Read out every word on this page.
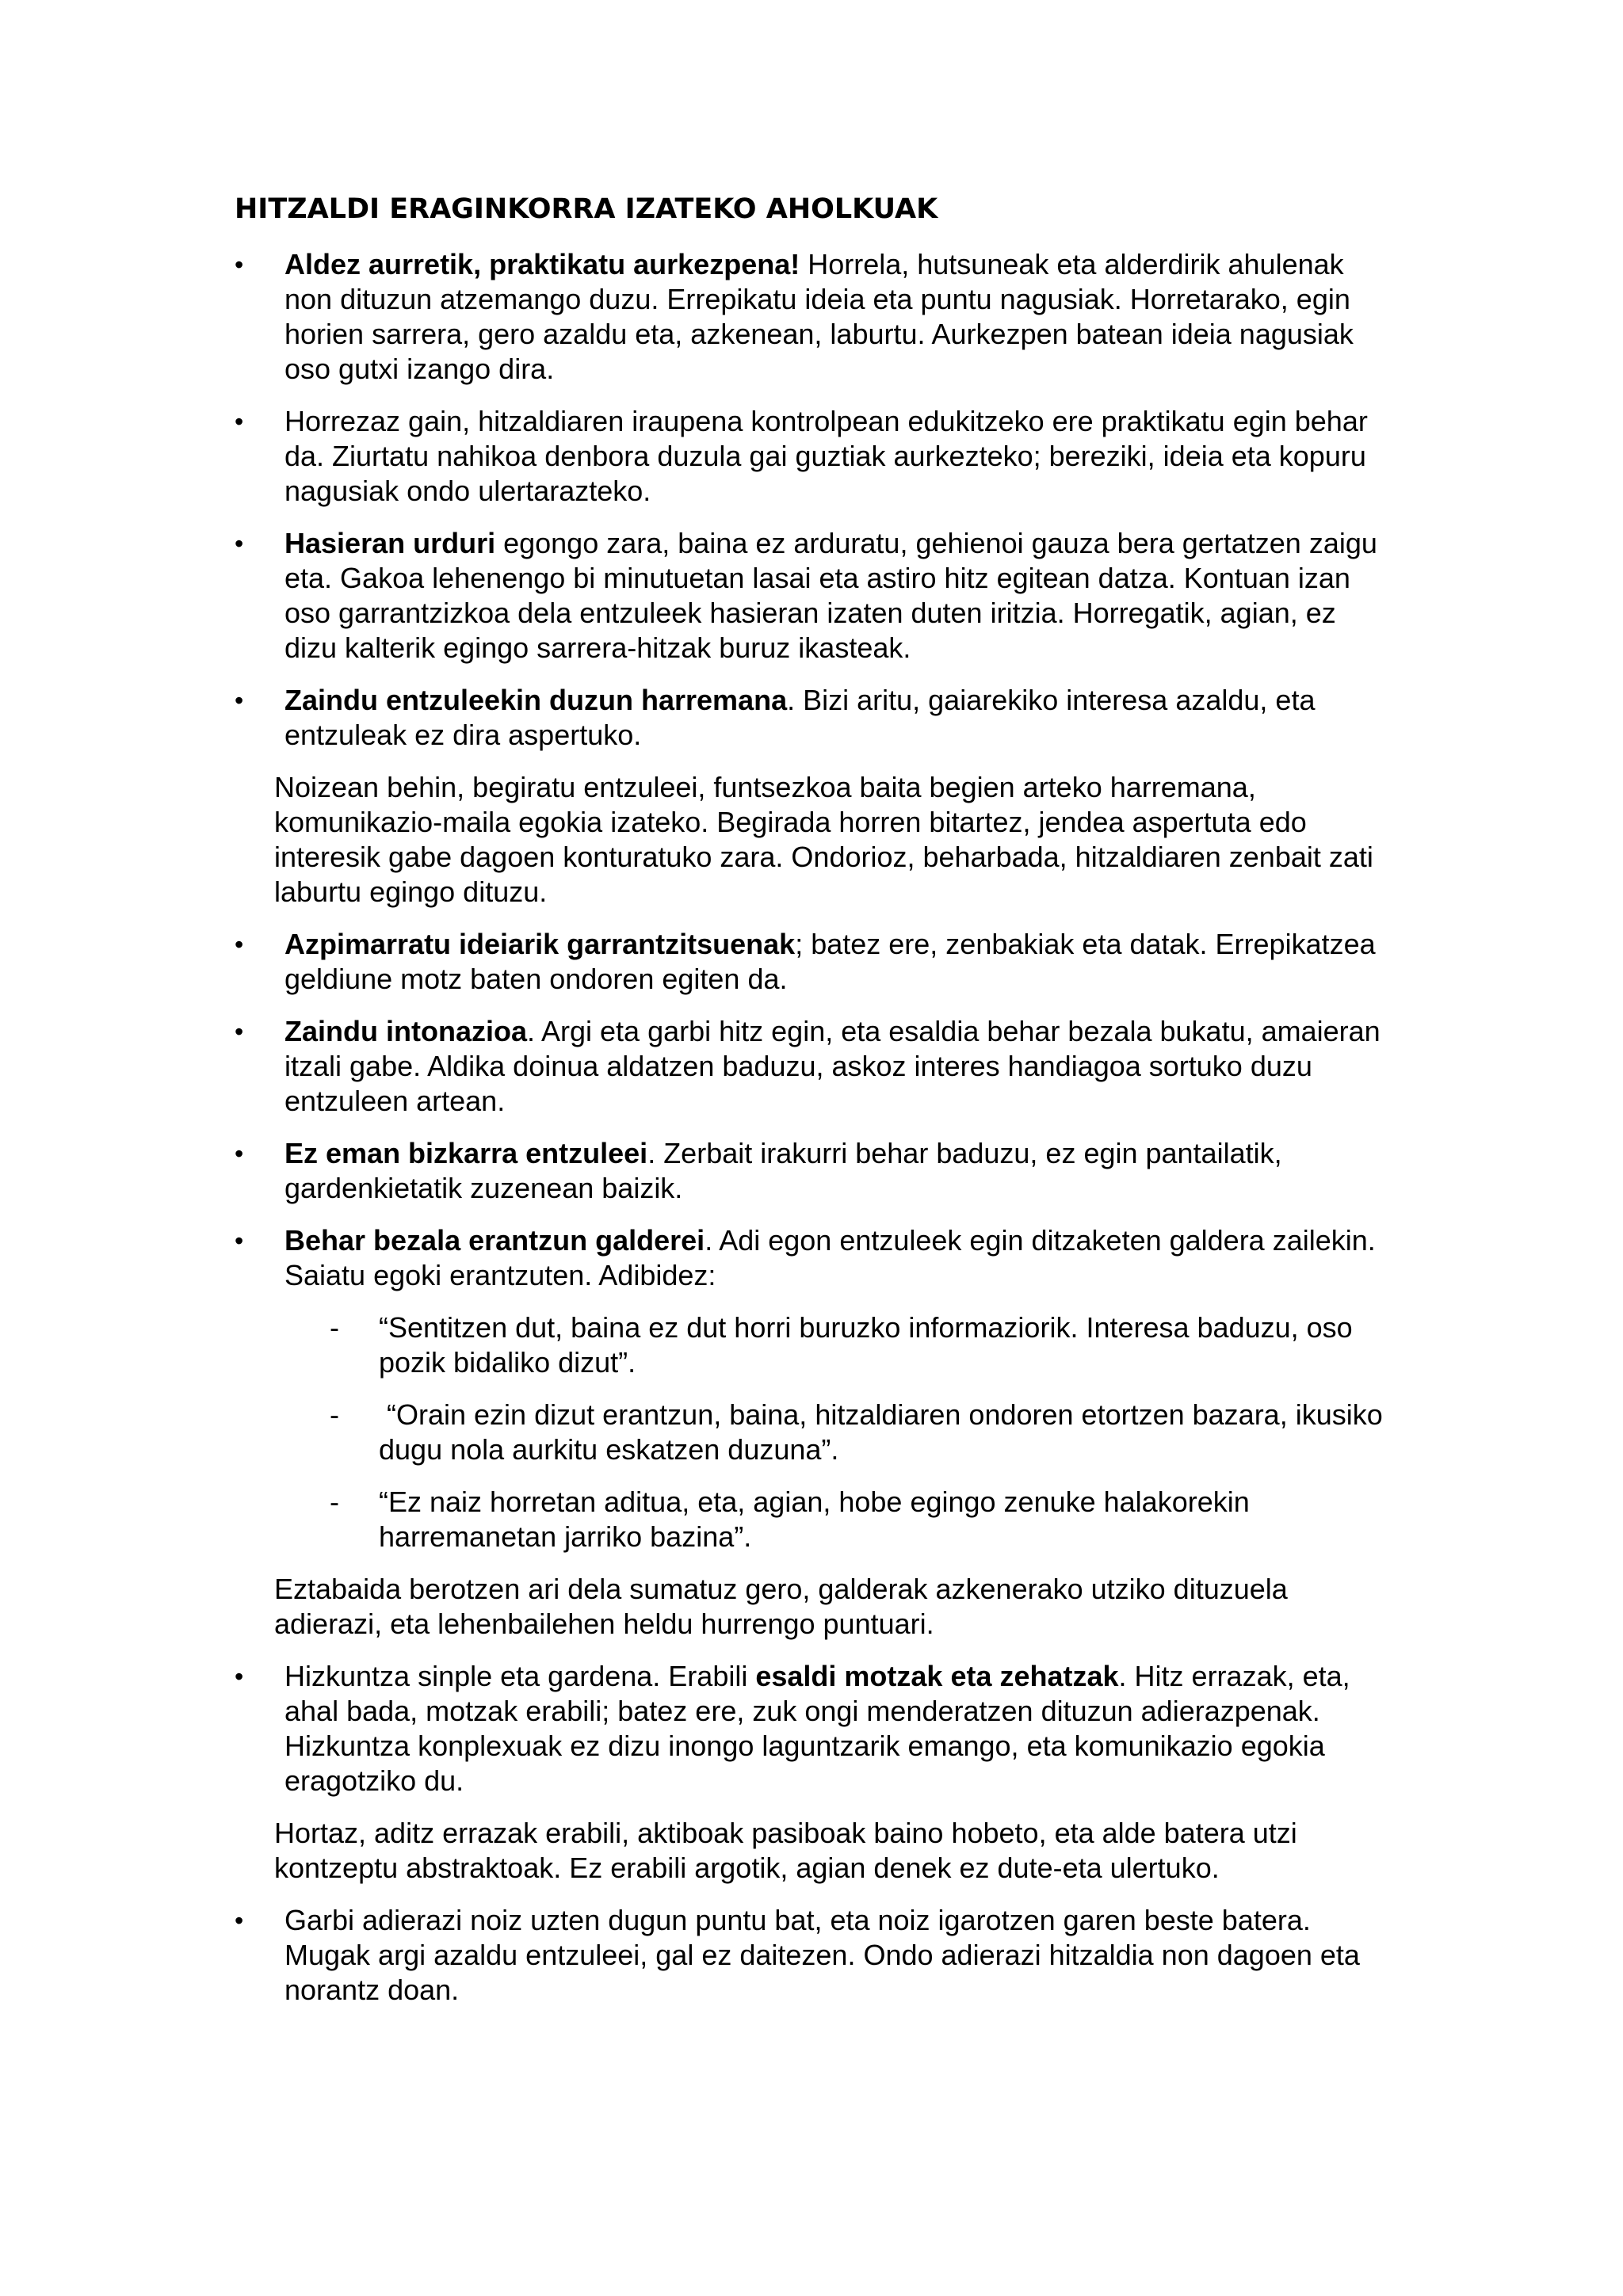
HITZALDI ERAGINKORRA IZATEKO AHOLKUAK
•	Aldez aurretik, praktikatu aurkezpena! Horrela, hutsuneak eta alderdirik ahulenak non dituzun atzemango duzu. Errepikatu ideia eta puntu nagusiak. Horretarako, egin horien sarrera, gero azaldu eta, azkenean, laburtu. Aurkezpen batean ideia nagusiak oso gutxi izango dira.
•	Horrezaz gain, hitzaldiaren iraupena kontrolpean edukitzeko ere praktikatu egin behar da. Ziurtatu nahikoa denbora duzula gai guztiak aurkezteko; bereziki, ideia eta kopuru nagusiak ondo ulertarazteko.
•	Hasieran urduri egongo zara, baina ez arduratu, gehienoi gauza bera gertatzen zaigu eta. Gakoa lehenengo bi minutuetan lasai eta astiro hitz egitean datza. Kontuan izan oso garrantzizkoa dela entzuleek hasieran izaten duten iritzia. Horregatik, agian, ez dizu kalterik egingo sarrera-hitzak buruz ikasteak.
•	Zaindu entzuleekin duzun harremana. Bizi aritu, gaiarekiko interesa azaldu, eta entzuleak ez dira aspertuko.

Noizean behin, begiratu entzuleei, funtsezkoa baita begien arteko harremana, komunikazio-maila egokia izateko. Begirada horren bitartez, jendea aspertuta edo interesik gabe dagoen konturatuko zara. Ondorioz, beharbada, hitzaldiaren zenbait zati laburtu egingo dituzu.

•	Azpimarratu ideiarik garrantzitsuenak; batez ere, zenbakiak eta datak. Errepikatzea geldiune motz baten ondoren egiten da.
•	Zaindu intonazioa. Argi eta garbi hitz egin, eta esaldia behar bezala bukatu, amaieran itzali gabe. Aldika doinua aldatzen baduzu, askoz interes handiagoa sortuko duzu entzuleen artean.
•	Ez eman bizkarra entzuleei. Zerbait irakurri behar baduzu, ez egin pantailatik, gardenkietatik zuzenean baizik.
•	Behar bezala erantzun galderei. Adi egon entzuleek egin ditzaketen galdera zailekin. Saiatu egoki erantzuten. Adibidez:
- “Sentitzen dut, baina ez dut horri buruzko informaziorik. Interesa baduzu, oso pozik bidaliko dizut”.
- “Orain ezin dizut erantzun, baina, hitzaldiaren ondoren etortzen bazara, ikusiko dugu nola aurkitu eskatzen duzuna”.
- “Ez naiz horretan aditua, eta, agian, hobe egingo zenuke halakorekin harremanetan jarriko bazina”.

Eztabaida berotzen ari dela sumatuz gero, galderak azkenerako utziko dituzuela adierazi, eta lehenbailehen heldu hurrengo puntuari.

•	Hizkuntza sinple eta gardena. Erabili esaldi motzak eta zehatzak. Hitz errazak, eta, ahal bada, motzak erabili; batez ere, zuk ongi menderatzen dituzun adierazpenak. Hizkuntza konplexuak ez dizu inongo laguntzarik emango, eta komunikazio egokia eragotziko du.

Hortaz, aditz errazak erabili, aktiboak pasiboak baino hobeto, eta alde batera utzi kontzeptu abstraktoak. Ez erabili argotik, agian denek ez dute-eta ulertuko.

•	Garbi adierazi noiz uzten dugun puntu bat, eta noiz igarotzen garen beste batera. Mugak argi azaldu entzuleei, gal ez daitezen. Ondo adierazi hitzaldia non dagoen eta norantz doan.
